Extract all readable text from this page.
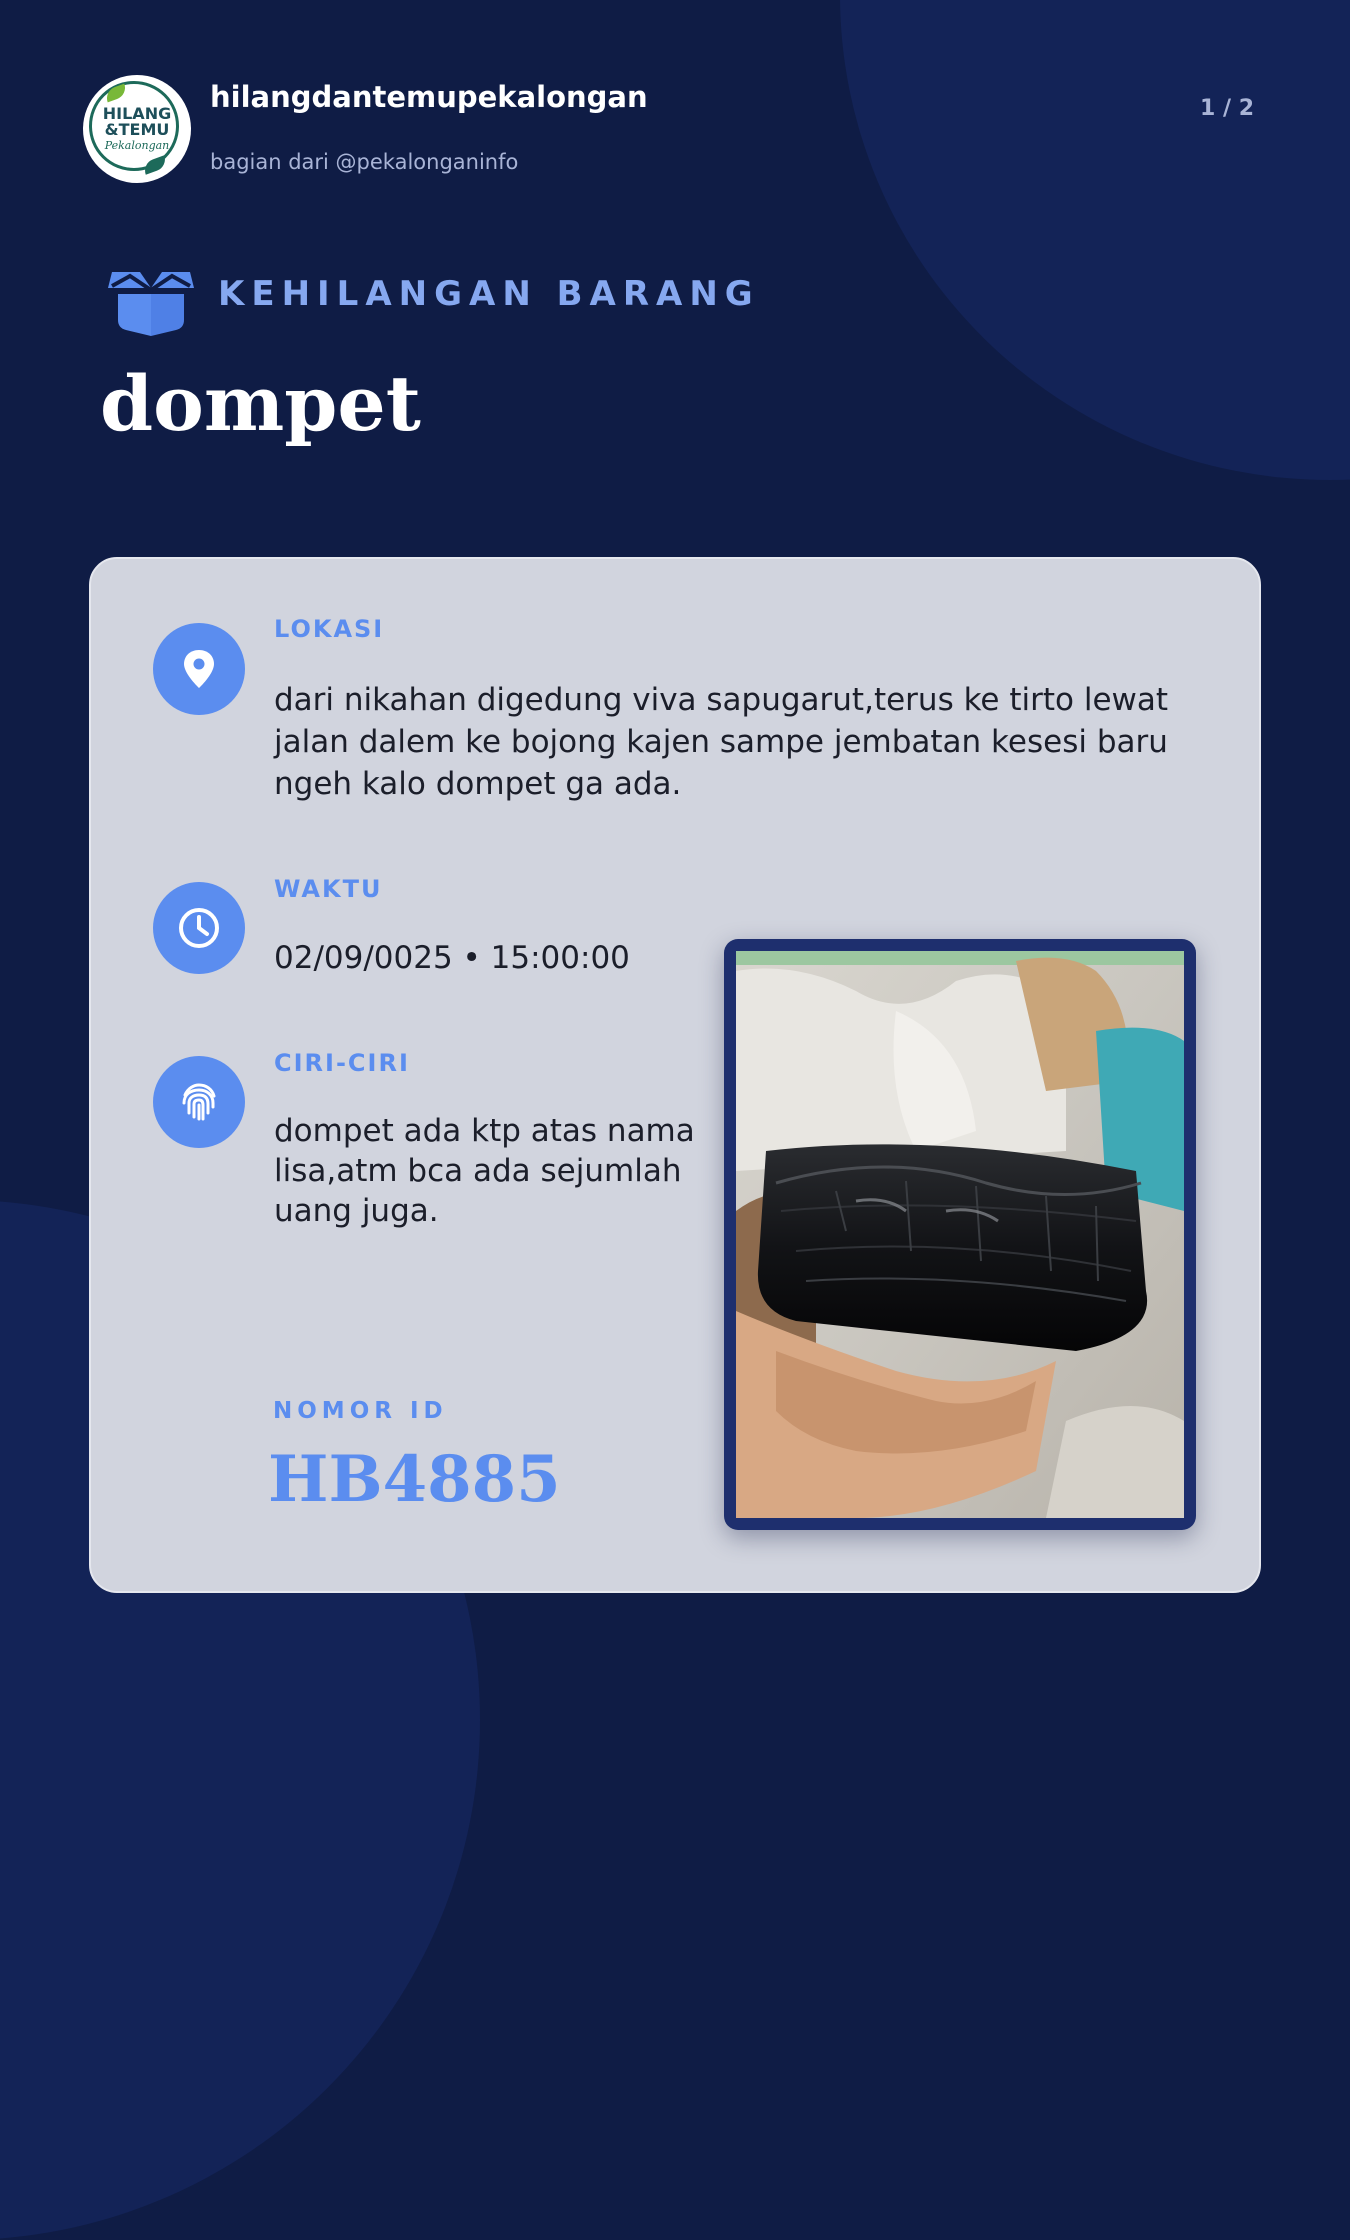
HILANG
&TEMU
Pekalongan
hilangdantemupekalongan
bagian dari @pekalonganinfo
1 / 2
KEHILANGAN BARANG
dompet
LOKASI

dari nikahan digedung viva sapugarut,terus ke tirto lewat jalan dalem ke bojong kajen sampe jembatan kesesi baru ngeh kalo dompet ga ada.

WAKTU
02/09/0025 • 15:00:00
CIRI-CIRI

dompet ada ktp atas nama lisa,atm bca ada sejumlah uang juga.

NOMOR ID
HB4885
